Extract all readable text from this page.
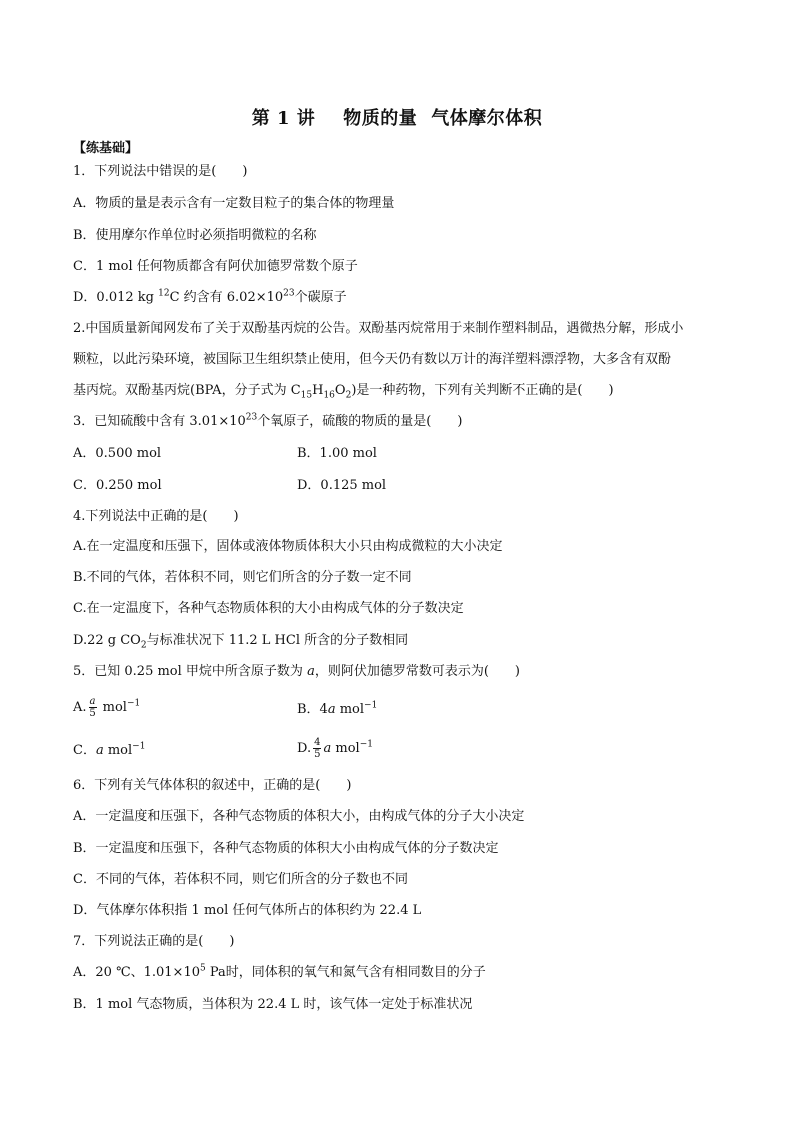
第 1 讲 物质的量 气体摩尔体积
【练基础】
1．下列说法中错误的是(　　)
A．物质的量是表示含有一定数目粒子的集合体的物理量
B．使用摩尔作单位时必须指明微粒的名称
C．1 mol 任何物质都含有阿伏加德罗常数个原子
D．0.012 kg $^{12}$C 约含有 $6.02\times 10^{23}$个碳原子
2.中国质量新闻网发布了关于双酚基丙烷的公告。双酚基丙烷常用于来制作塑料制品，遇微热分解，形成小
颗粒，以此污染环境，被国际卫生组织禁止使用，但今天仍有数以万计的海洋塑料漂浮物，大多含有双酚
基丙烷。双酚基丙烷(BPA，分子式为 $C_{15}H_{16}O_2$)是一种药物，下列有关判断不正确的是(　　)
3．已知硫酸中含有 $3.01\times 10^{23}$个氧原子，硫酸的物质的量是(　　)
A．0.500 mol	B．1.00 mol
C．0.250 mol	D．0.125 mol
4.下列说法中正确的是(　　)
A.在一定温度和压强下，固体或液体物质体积大小只由构成微粒的大小决定
B.不同的气体，若体积不同，则它们所含的分子数一定不同
C.在一定温度下，各种气态物质体积的大小由构成气体的分子数决定
D.22 g $CO_2$与标准状况下 11.2 L HCl 所含的分子数相同
5．已知 0.25 mol 甲烷中所含原子数为 a，则阿伏加德罗常数可表示为(　　)
A. $\frac{a}{5} mol^{-1}$	B．4a mol$^{-1}$
C．a mol$^{-1}$	D. $\frac{4}{5}$ a mol$^{-1}$
6．下列有关气体体积的叙述中，正确的是(　　)
A．一定温度和压强下，各种气态物质的体积大小，由构成气体的分子大小决定
B．一定温度和压强下，各种气态物质的体积大小由构成气体的分子数决定
C．不同的气体，若体积不同，则它们所含的分子数也不同
D．气体摩尔体积指 1 mol 任何气体所占的体积约为 22.4 L
7．下列说法正确的是(　　)
A．20 ℃、$1.01\times 10^5$ Pa时，同体积的氧气和氮气含有相同数目的分子
B．1 mol 气态物质，当体积为 22.4 L 时，该气体一定处于标准状况
